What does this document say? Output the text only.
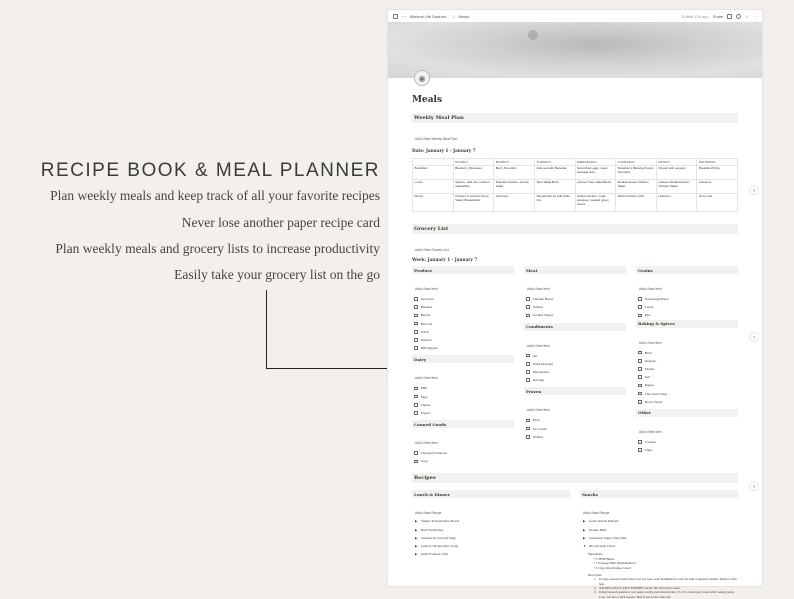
RECIPE BOOK & MEAL PLANNER
Plan weekly meals and keep track of all your favorite recipes
Never lose another paper recipe card
Plan weekly meals and grocery lists to increase productivity
Easily take your grocery list on the go
‹ › Minimal Life Dashbo... / Meals	Edited 12h ago Share	☆ ···
◉
?
?
?
Meals
Weekly Meal Plan
Add a New Weekly Meal Plan
Date: January 1 - January 7
	SUNDAY	MONDAY	TUESDAY	WEDNESDAY	THURSDAY	FRIDAY	SATURDAY
Breakfast	Blueberry Pancakes	Berry Smoothie	Oatmeal with Bananas	Scrambled eggs, toast, sausage links	Strawberry Banana Protein Smoothie	Omelet with peppers	Breakfast Pizza
Lunch	Salmon, wild rice, roasted vegetables	Roasted chicken, quinoa, salad	Taco Salad Bowl	Leftover Taco Salad Bowl	Mediterranean Chicken Salad	Leftover Mediterranean Chicken Salad	Leftovers
Dinner	Chicken & Gnocchi Soup, Salad, Breadsticks	Leftovers	Teriyaki Stir fry with white rice	Grilled chicken, small potatoes, roasted green beans	White Chicken Chili	Leftovers	Out to eat
Grocery List
Add a New Grocery List
Week: January 1 - January 7
Produce
Add a New Item
Avocados
Bananas
Berries
Broccoli
Garlic
Spinach
Bell Peppers
Dairy
Add a New Item
Milk
Eggs
Cheese
Yogurt
Canned Goods
Add a New Item
Chopped Tomatoes
Soup
Meat
Add a New Item
Chicken Breast
Salmon
Ground Turkey
Condiments
Add a New Item
Oil
Salad Dressing
Mayonnaise
Ketchup
Frozen
Add a New Item
Pizza
Ice Cream
Waffles
Grains
Add a New Item
Sourdough Bread
Cereal
Rice
Baking & Spices
Add a New Item
Basil
Oregano
Thyme
Salt
Pepper
Chocolate Chips
Brown Sugar
Other
Add a New Item
Cookies
Chips
Recipes
Lunch & Dinner
Add a New Recipe
▶ Turkey Teriyaki Rice Bowls
▶ Beef Enchiladas
▶ Chicken & Gnocchi Soup
▶ Lemon Chicken Orzo Soup
▶ Dad's Famous Chili
Snacks
Add a New Recipe
▶ Garlic Ranch Pretzels
▶ Protein Balls
▶ Cinnamon Sugar Chex Mix
▼ Rice Krispie Treats
Ingredients:
• 3 TBSP Butter
• 1 Package Mini Marshmallows
• 6 Cups Rice Krispie Cereal
Directions:
1. In large saucepan melt butter over low heat. Add marshmallows and stir until completely melted. Remove from heat.
2. Add KELLOGG'S RICE KRISPIES cereal. Stir until well coated.
3. Using buttered spatula or wax paper evenly press mixture into 13 x 9 x 2-inch pan coated with cooking spray. Cool. Cut into 2-inch squares. Best if served the same day.
